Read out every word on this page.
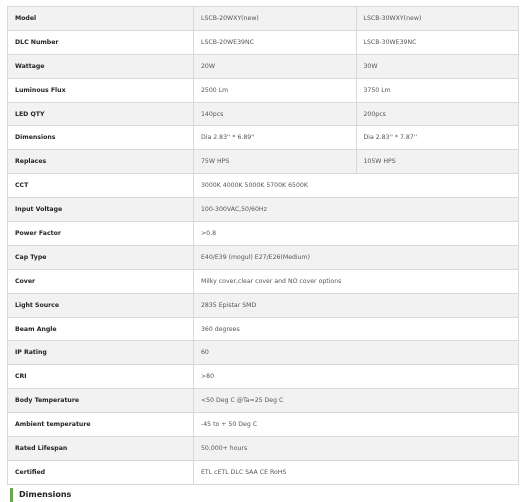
Model	LSCB-20WXY(new)	LSCB-30WXY(new)
DLC Number	LSCB-20WE39NC	LSCB-30WE39NC
Wattage	20W	30W
Luminous Flux	2500 Lm	3750 Lm
LED QTY	140pcs	200pcs
Dimensions	Dia 2.83'' * 6.89''	Dia 2.83'' * 7.87''
Replaces	75W HPS	105W HPS
CCT	3000K 4000K 5000K 5700K 6500K	
Input Voltage	100-300VAC,50/60Hz	
Power Factor	>0.8	
Cap Type	E40/E39 (mogul) E27/E26(Medium)	
Cover	Milky cover,clear cover and NO cover options	
Light Source	2835 Epistar SMD	
Beam Angle	360 degrees	
IP Rating	60	
CRI	>80	
Body Temperature	<50 Deg C @Ta=25 Deg C	
Ambient temperature	-45 to + 50 Deg C	
Rated Lifespan	50,000+ hours	
Certified	ETL cETL DLC SAA CE RoHS	
Dimensions
